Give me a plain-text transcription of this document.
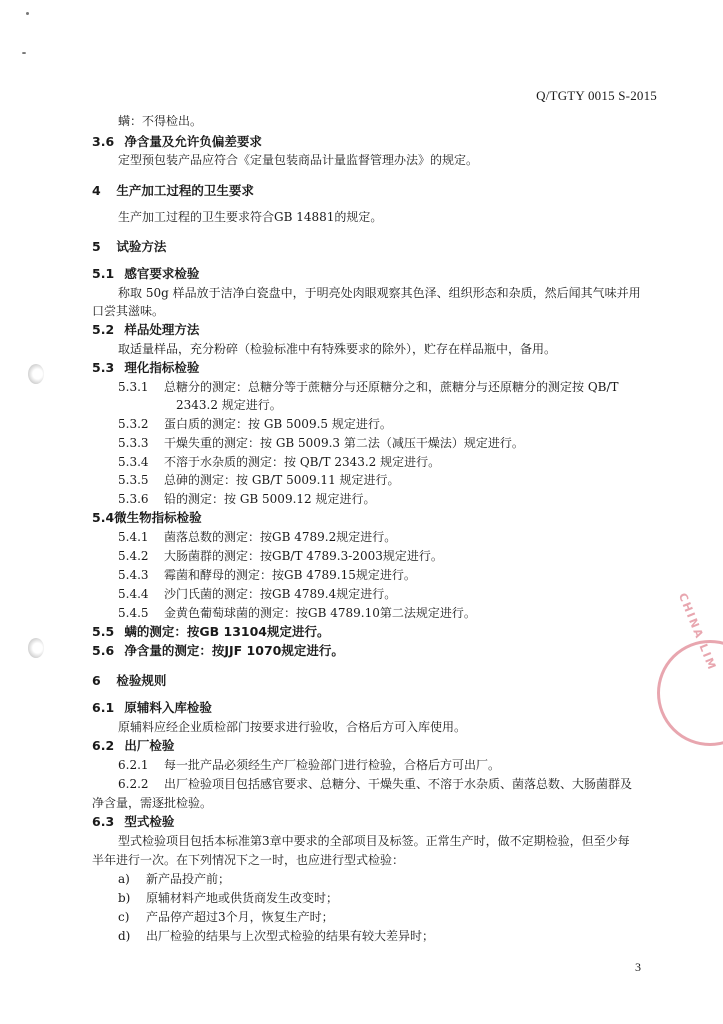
Q/TGTY 0015 S-2015
螨：不得检出。
3.6 净含量及允许负偏差要求
定型预包装产品应符合《定量包装商品计量监督管理办法》的规定。
4 生产加工过程的卫生要求
生产加工过程的卫生要求符合GB 14881的规定。
5 试验方法
5.1 感官要求检验
称取 50g 样品放于洁净白瓷盘中，于明亮处肉眼观察其色泽、组织形态和杂质，然后闻其气味并用
口尝其滋味。
5.2 样品处理方法
取适量样品，充分粉碎（检验标准中有特殊要求的除外），贮存在样品瓶中，备用。
5.3 理化指标检验
5.3.1 总糖分的测定：总糖分等于蔗糖分与还原糖分之和，蔗糖分与还原糖分的测定按 QB/T
2343.2 规定进行。
5.3.2 蛋白质的测定：按 GB 5009.5 规定进行。
5.3.3 干燥失重的测定：按 GB 5009.3 第二法（减压干燥法）规定进行。
5.3.4 不溶于水杂质的测定：按 QB/T 2343.2 规定进行。
5.3.5 总砷的测定：按 GB/T 5009.11 规定进行。
5.3.6 铅的测定：按 GB 5009.12 规定进行。
5.4微生物指标检验
5.4.1 菌落总数的测定：按GB 4789.2规定进行。
5.4.2 大肠菌群的测定：按GB/T 4789.3-2003规定进行。
5.4.3 霉菌和酵母的测定：按GB 4789.15规定进行。
5.4.4 沙门氏菌的测定：按GB 4789.4规定进行。
5.4.5 金黄色葡萄球菌的测定：按GB 4789.10第二法规定进行。
5.5 螨的测定：按GB 13104规定进行。
5.6 净含量的测定：按JJF 1070规定进行。
6 检验规则
6.1 原辅料入库检验
原辅料应经企业质检部门按要求进行验收，合格后方可入库使用。
6.2 出厂检验
6.2.1 每一批产品必须经生产厂检验部门进行检验，合格后方可出厂。
6.2.2 出厂检验项目包括感官要求、总糖分、干燥失重、不溶于水杂质、菌落总数、大肠菌群及
净含量，需逐批检验。
6.3 型式检验
型式检验项目包括本标准第3章中要求的全部项目及标签。正常生产时，做不定期检验，但至少每
半年进行一次。在下列情况下之一时，也应进行型式检验：
a) 新产品投产前；
b) 原辅材料产地或供货商发生改变时；
c) 产品停产超过3个月，恢复生产时；
d) 出厂检验的结果与上次型式检验的结果有较大差异时；
3
CHINA LIM
